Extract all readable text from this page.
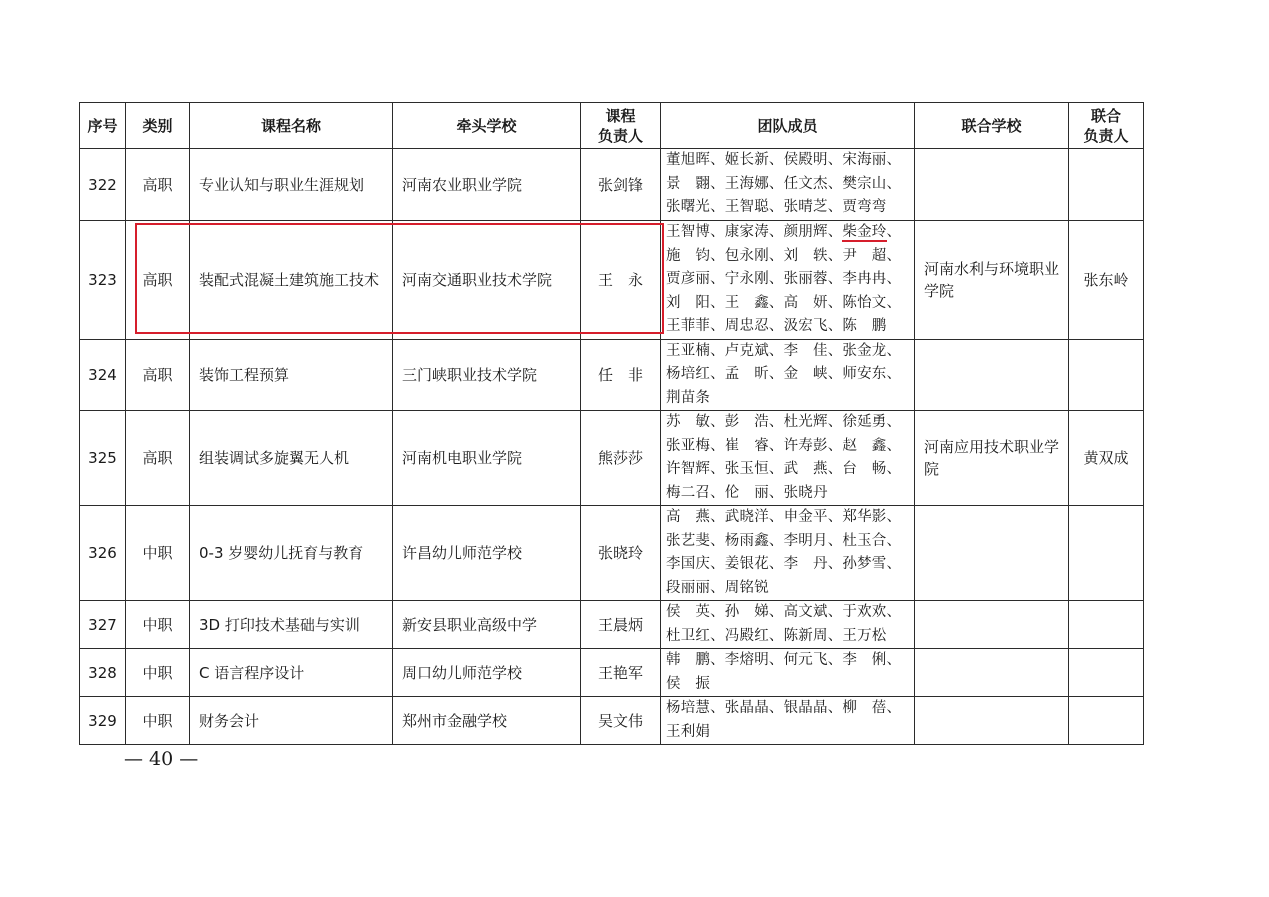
序号	类别	课程名称	牵头学校	课程
负责人	团队成员	联合学校	联合
负责人

322	高职	专业认知与职业生涯规划	河南农业职业学院	张剑锋	董旭晖、姬长新、侯殿明、宋海丽、
景　翾、王海娜、任文杰、樊宗山、
张曙光、王智聪、张晴芝、贾弯弯		

323	高职	装配式混凝土建筑施工技术	河南交通职业技术学院	王　永	王智博、康家涛、颜朋辉、柴金玲、
施　钧、包永刚、刘　轶、尹　超、
贾彦丽、宁永刚、张丽蓉、李冉冉、
刘　阳、王　鑫、高　妍、陈怡文、
王菲菲、周忠忍、汲宏飞、陈　鹏	河南水利与环境职业学院	张东岭
324	高职	装饰工程预算	三门峡职业技术学院	任　非	王亚楠、卢克斌、李　佳、张金龙、
杨培红、孟　昕、金　峡、师安东、
荆苗条		

325	高职	组装调试多旋翼无人机	河南机电职业学院	熊莎莎	苏　敏、彭　浩、杜光辉、徐延勇、
张亚梅、崔　睿、许寿彭、赵　鑫、
许智辉、张玉恒、武　燕、台　畅、
梅二召、伦　丽、张晓丹	河南应用技术职业学院	黄双成
326	中职	0-3 岁婴幼儿抚育与教育	许昌幼儿师范学校	张晓玲	高　燕、武晓洋、申金平、郑华影、
张艺斐、杨雨鑫、李明月、杜玉合、
李国庆、姜银花、李　丹、孙梦雪、
段丽丽、周铭锐		

327	中职	3D 打印技术基础与实训	新安县职业高级中学	王晨炳	侯　英、孙　娣、高文斌、于欢欢、
杜卫红、冯殿红、陈新周、王万松		

328	中职	C 语言程序设计	周口幼儿师范学校	王艳军	韩　鹏、李熔明、何元飞、李　俐、
侯　振		

329	中职	财务会计	郑州市金融学校	吴文伟	杨培慧、张晶晶、银晶晶、柳　蓓、
王利娟		

— 40 —
